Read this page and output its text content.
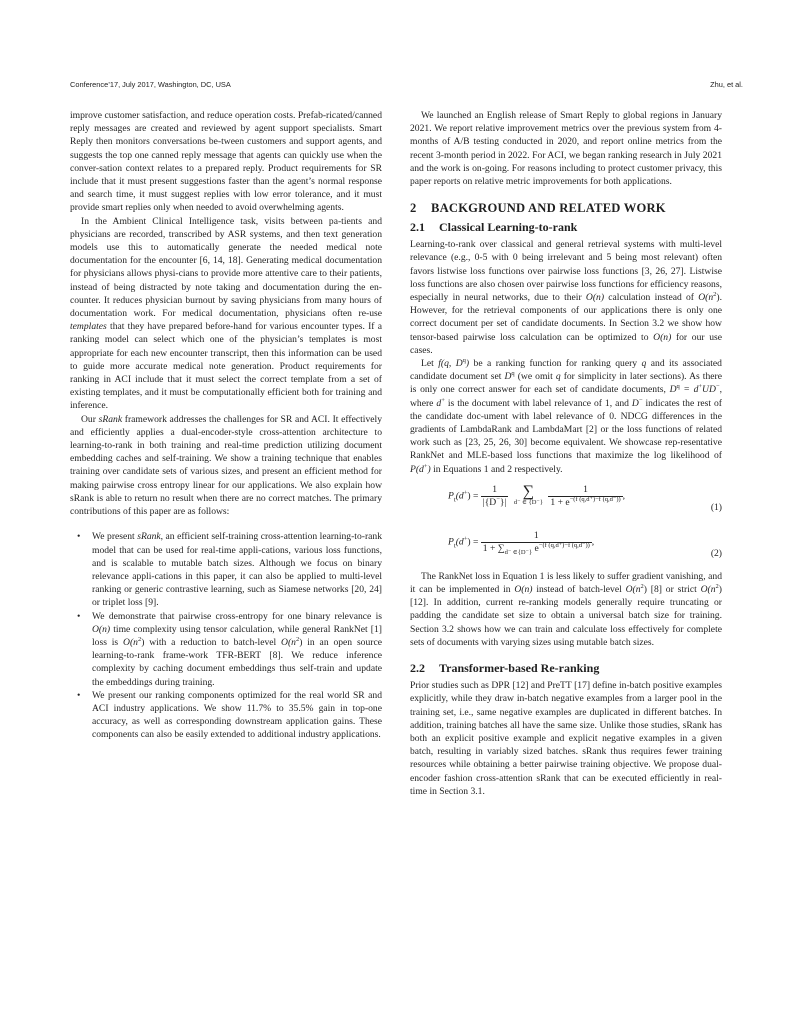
Conference’17, July 2017, Washington, DC, USA	Zhu, et al.

improve customer satisfaction, and reduce operation costs. Prefab-ricated/canned reply messages are created and reviewed by agent support specialists. Smart Reply then monitors conversations be-tween customers and support agents, and suggests the top one canned reply message that agents can quickly use when the conver-sation context relates to a prepared reply. Product requirements for SR include that it must present suggestions faster than the agent’s normal response and search time, it must suggest replies with low error tolerance, and it must provide smart replies only when needed to avoid overwhelming agents.

In the Ambient Clinical Intelligence task, visits between pa-tients and physicians are recorded, transcribed by ASR systems, and then text generation models use this to automatically generate the needed medical note documentation for the encounter [6, 14, 18]. Generating medical documentation for physicians allows physi-cians to provide more attentive care to their patients, instead of being distracted by note taking and documentation during the en-counter. It reduces physician burnout by saving physicians from many hours of documentation work. For medical documentation, physicians often re-use templates that they have prepared before-hand for various encounter types. If a ranking model can select which one of the physician’s templates is most appropriate for each new encounter transcript, then this information can be used to guide more accurate medical note generation. Product requirements for ranking in ACI include that it must select the correct template from a set of existing templates, and it must be computationally efficient both for training and inference.

Our sRank framework addresses the challenges for SR and ACI. It effectively and efficiently applies a dual-encoder-style cross-attention architecture to learning-to-rank in both training and real-time prediction utilizing document embedding caches and self-training. We show a training technique that enables training over candidate sets of various sizes, and present an efficient method for making pairwise cross entropy linear for our applications. We also explain how sRank is able to return no result when there are no correct matches. The primary contributions of this paper are as follows:

• We present sRank, an efficient self-training cross-attention learning-to-rank model that can be used for real-time appli-cations, various loss functions, and is scalable to mutable batch sizes. Although we focus on binary relevance appli-cations in this paper, it can also be applied to multi-level ranking or generic contrastive learning, such as Siamese networks [20, 24] or triplet loss [9].
• We demonstrate that pairwise cross-entropy for one binary relevance is O(n) time complexity using tensor calculation, while general RankNet [1] loss is $O(n^2)$ with a reduction to batch-level $O(n^2)$ in an open source learning-to-rank frame-work TFR-BERT [8]. We reduce inference complexity by caching document embeddings thus self-train and update the embeddings during training.
• We present our ranking components optimized for the real world SR and ACI industry applications. We show 11.7% to 35.5% gain in top-one accuracy, as well as corresponding downstream application gains. These components can also be easily extended to additional industry applications.

We launched an English release of Smart Reply to global regions in January 2021. We report relative improvement metrics over the previous system from 4-months of A/B testing conducted in 2020, and report online metrics from the recent 3-month period in 2022. For ACI, we began ranking research in July 2021 and the work is on-going. For reasons including to protect customer privacy, this paper reports on relative metric improvements for both applications.

2 BACKGROUND AND RELATED WORK
2.1 Classical Learning-to-rank

Learning-to-rank over classical and general retrieval systems with multi-level relevance (e.g., 0-5 with 0 being irrelevant and 5 being most relevant) often favors listwise loss functions over pairwise loss functions [3, 26, 27]. Listwise loss functions are also chosen over pairwise loss functions for efficiency reasons, especially in neural networks, due to their O(n) calculation instead of $O(n^2)$. However, for the retrieval components of our applications there is only one correct document per set of candidate documents. In Section 3.2 we show how tensor-based pairwise loss calculation can be optimized to O(n) for our use cases.

Let f(q, $D^q$) be a ranking function for ranking query q and its associated candidate document set $D^q$ (we omit q for simplicity in later sections). As there is only one correct answer for each set of candidate documents, $D^q = d^+UD^-$, where d+ is the document with label relevance of 1, and D− indicates the rest of the candidate doc-ument with label relevance of 0. NDCG differences in the gradients of LambdaRank and LambdaMart [2] or the loss functions of related work such as [23, 25, 26, 30] become equivalent. We showcase rep-resentative RankNet and MLE-based loss functions that maximize the log likelihood of P(d+) in Equations 1 and 2 respectively.

$P_t(d^+) = \frac{1}{|\{D^-\}|}$
∑
d⁻ ∈ {D⁻}
$\frac{1}{1 + e^{-(f (q,d^+)-f (q,d^-))}}$ ,
(1)
$P_t(d^+) = \frac{1}{1 + \sum_{d^- \in\{D^-\}} e^{-(f (q,d^+)-f (q,d^-))}}$ ,
(2)

The RankNet loss in Equation 1 is less likely to suffer gradient vanishing, and it can be implemented in O(n) instead of batch-level $O(n^2)$ [8] or strict $O(n^2)$ [12]. In addition, current re-ranking models generally require truncating or padding the candidate set size to obtain a universal batch size for training. Section 3.2 shows how we can train and calculate loss effectively for complete sets of documents with varying sizes using mutable batch sizes.

2.2 Transformer-based Re-ranking

Prior studies such as DPR [12] and PreTT [17] define in-batch positive examples explicitly, while they draw in-batch negative examples from a larger pool in the training set, i.e., same negative examples are duplicated in different batches. In addition, training batches all have the same size. Unlike those studies, sRank has both an explicit positive example and explicit negative examples in a given batch, resulting in variably sized batches. sRank thus requires fewer training resources while obtaining a better pairwise training objective. We propose dual-encoder fashion cross-attention sRank that can be executed efficiently in real-time in Section 3.1.
